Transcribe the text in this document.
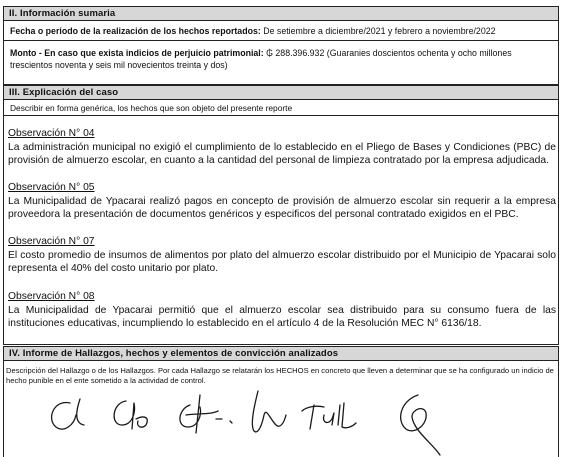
II. Información sumaria
Fecha o periodo de la realización de los hechos reportados: De setiembre a diciembre/2021 y febrero a noviembre/2022
Monto - En caso que exista indicios de perjuicio patrimonial: ₲ 288.396.932 (Guaranies doscientos ochenta y ocho millones trescientos noventa y seis mil novecientos treinta y dos)
III. Explicación del caso
Describir en forma genérica, los hechos que son objeto del presente reporte
Observación N° 04
La administración municipal no exigió el cumplimiento de lo establecido en el Pliego de Bases y Condiciones (PBC) de provisión de almuerzo escolar, en cuanto a la cantidad del personal de limpieza contratado por la empresa adjudicada.
Observación N° 05
La Municipalidad de Ypacarai realizó pagos en concepto de provisión de almuerzo escolar sin requerir a la empresa proveedora la presentación de documentos genéricos y especificos del personal contratado exigidos en el PBC.
Observación N° 07
El costo promedio de insumos de alimentos por plato del almuerzo escolar distribuido por el Municipio de Ypacarai solo representa el 40% del costo unitario por plato.
Observación N° 08
La Municipalidad de Ypacarai permitió que el almuerzo escolar sea distribuido para su consumo fuera de las instituciones educativas, incumpliendo lo establecido en el artículo 4 de la Resolución MEC N° 6136/18.
IV. Informe de Hallazgos, hechos y elementos de convicción analizados
Descripción del Hallazgo o de los Hallazgos. Por cada Hallazgo se relatarán los HECHOS en concreto que lleven a determinar que se ha configurado un indicio de hecho punible en el ente sometido a la actividad de control.
